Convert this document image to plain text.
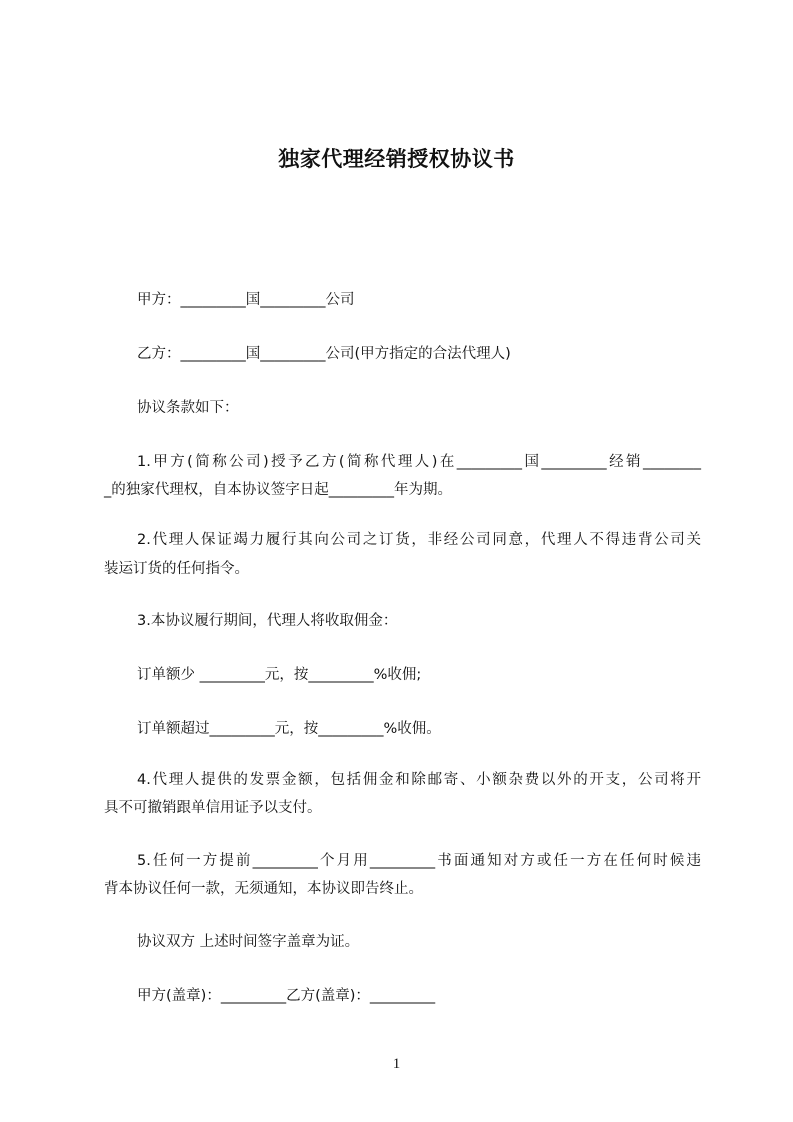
独家代理经销授权协议书
甲方：_________国_________公司
乙方：_________国_________公司(甲方指定的合法代理人)
协议条款如下：
1.甲方(简称公司)授予乙方(简称代理人)在_________国_________经销________
_的独家代理权，自本协议签字日起_________年为期。
2.代理人保证竭力履行其向公司之订货，非经公司同意，代理人不得违背公司关
装运订货的任何指令。
3.本协议履行期间，代理人将收取佣金：
订单额少 _________元，按_________%收佣;
订单额超过_________元，按_________%收佣。
4.代理人提供的发票金额，包括佣金和除邮寄、小额杂费以外的开支，公司将开
具不可撤销跟单信用证予以支付。
5.任何一方提前_________个月用_________书面通知对方或任一方在任何时候违
背本协议任何一款，无须通知，本协议即告终止。
协议双方 上述时间签字盖章为证。
甲方(盖章)：_________乙方(盖章)：_________
1
